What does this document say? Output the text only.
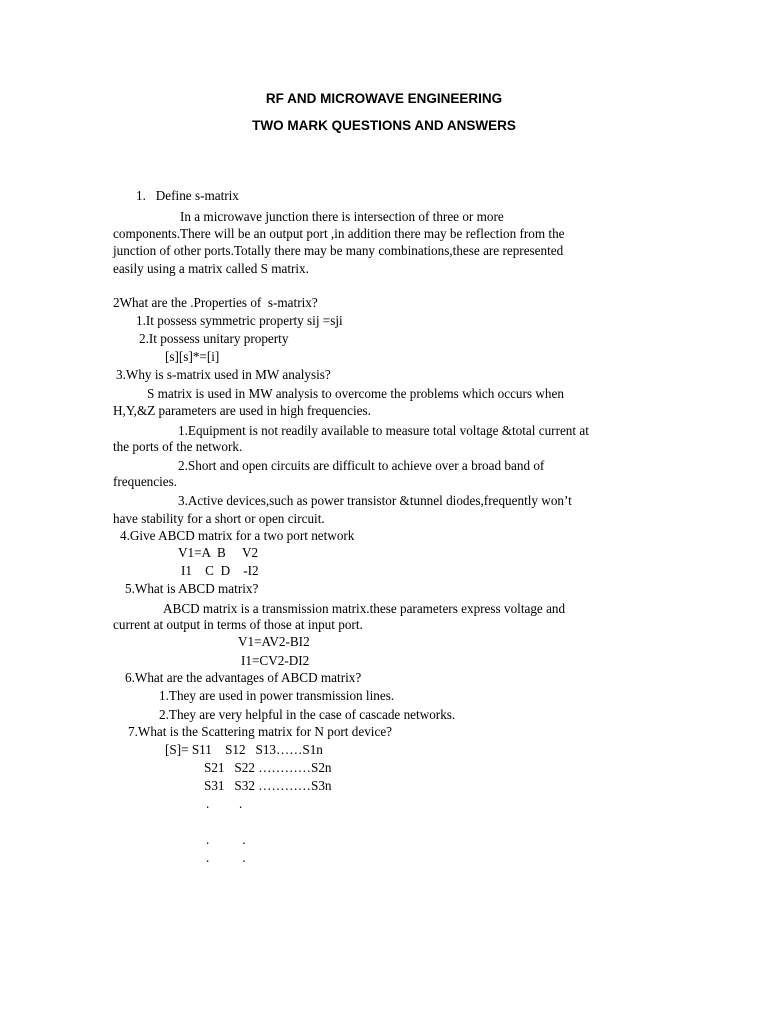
RF AND MICROWAVE ENGINEERING

TWO MARK QUESTIONS AND ANSWERS

1.   Define s-matrix

In a microwave junction there is intersection of three or more

components.There will be an output port ,in addition there may be reflection from the

junction of other ports.Totally there may be many combinations,these are represented

easily using a matrix called S matrix.

2What are the .Properties of  s-matrix?

1.It possess symmetric property sij =sji

2.It possess unitary property

[s][s]*=[i]

3.Why is s-matrix used in MW analysis?

S matrix is used in MW analysis to overcome the problems which occurs when

H,Y,&Z parameters are used in high frequencies.

1.Equipment is not readily available to measure total voltage &total current at

the ports of the network.

2.Short and open circuits are difficult to achieve over a broad band of

frequencies.

3.Active devices,such as power transistor &tunnel diodes,frequently won’t

have stability for a short or open circuit.

4.Give ABCD matrix for a two port network

V1=A  B     V2

I1    C  D    -I2

5.What is ABCD matrix?

ABCD matrix is a transmission matrix.these parameters express voltage and

current at output in terms of those at input port.

V1=AV2-BI2

I1=CV2-DI2

6.What are the advantages of ABCD matrix?

1.They are used in power transmission lines.

2.They are very helpful in the case of cascade networks.

7.What is the Scattering matrix for N port device?

[S]= S11    S12   S13……S1n

S21   S22 …………S2n

S31   S32 …………S3n

.         .

.          .

.          .
